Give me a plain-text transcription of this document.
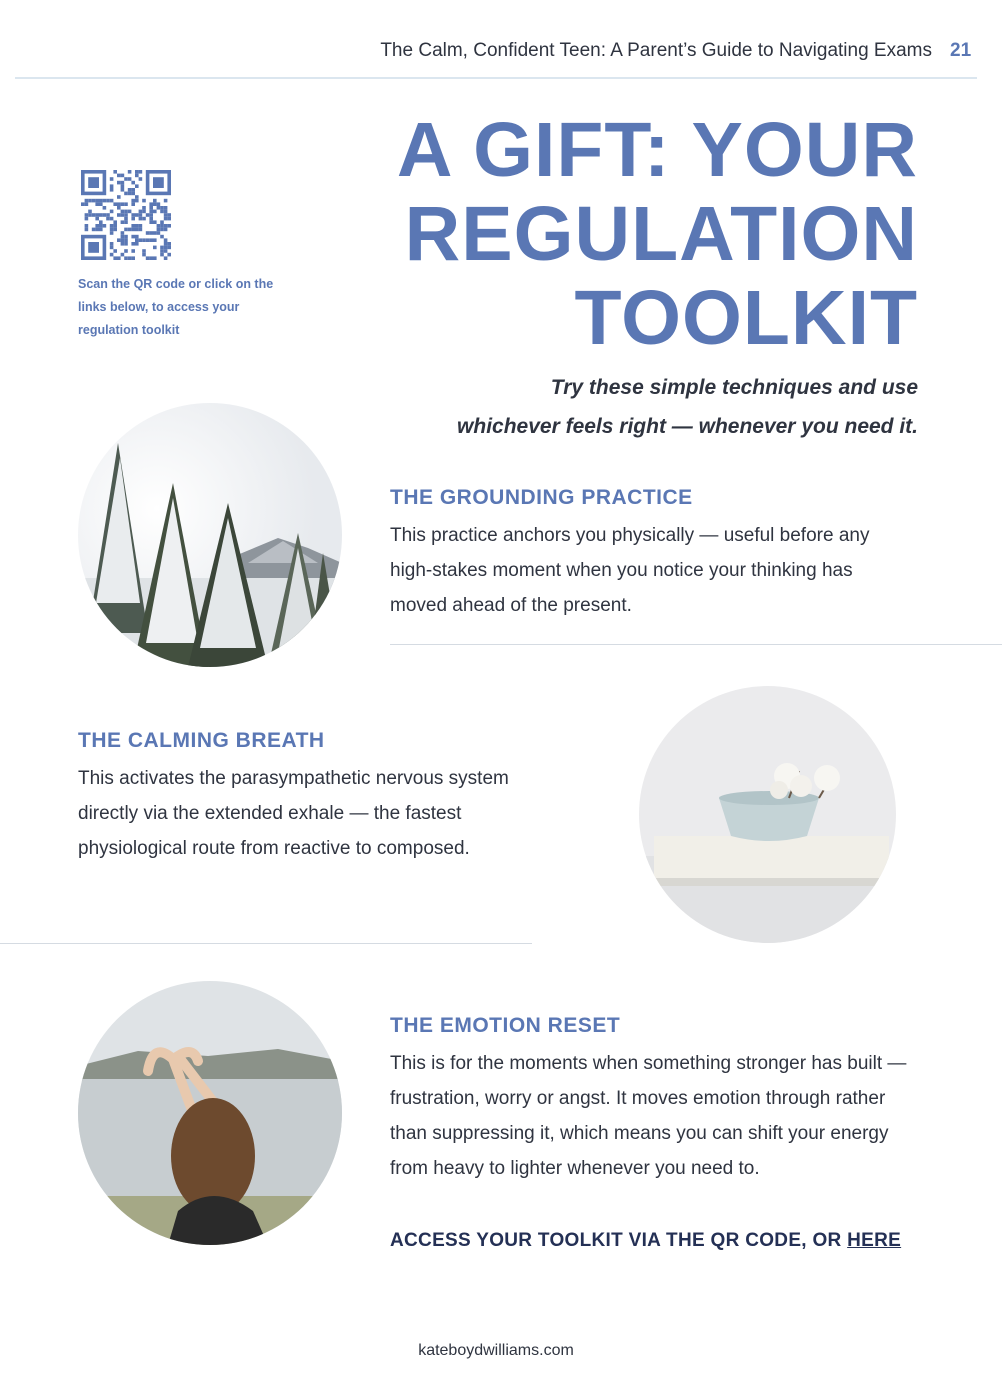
The Calm, Confident Teen: A Parent’s Guide to Navigating Exams 21
Scan the QR code or click on the links below, to access your regulation toolkit
A GIFT: YOUR
REGULATION
TOOLKIT
Try these simple techniques and use
whichever feels right — whenever you need it.
THE GROUNDING PRACTICE
This practice anchors you physically — useful before any high-stakes moment when you notice your thinking has moved ahead of the present.
THE CALMING BREATH
This activates the parasympathetic nervous system directly via the extended exhale — the fastest physiological route from reactive to composed.
THE EMOTION RESET
This is for the moments when something stronger has built — frustration, worry or angst. It moves emotion through rather than suppressing it, which means you can shift your energy from heavy to lighter whenever you need to.
ACCESS YOUR TOOLKIT VIA THE QR CODE, OR HERE
kateboydwilliams.com
